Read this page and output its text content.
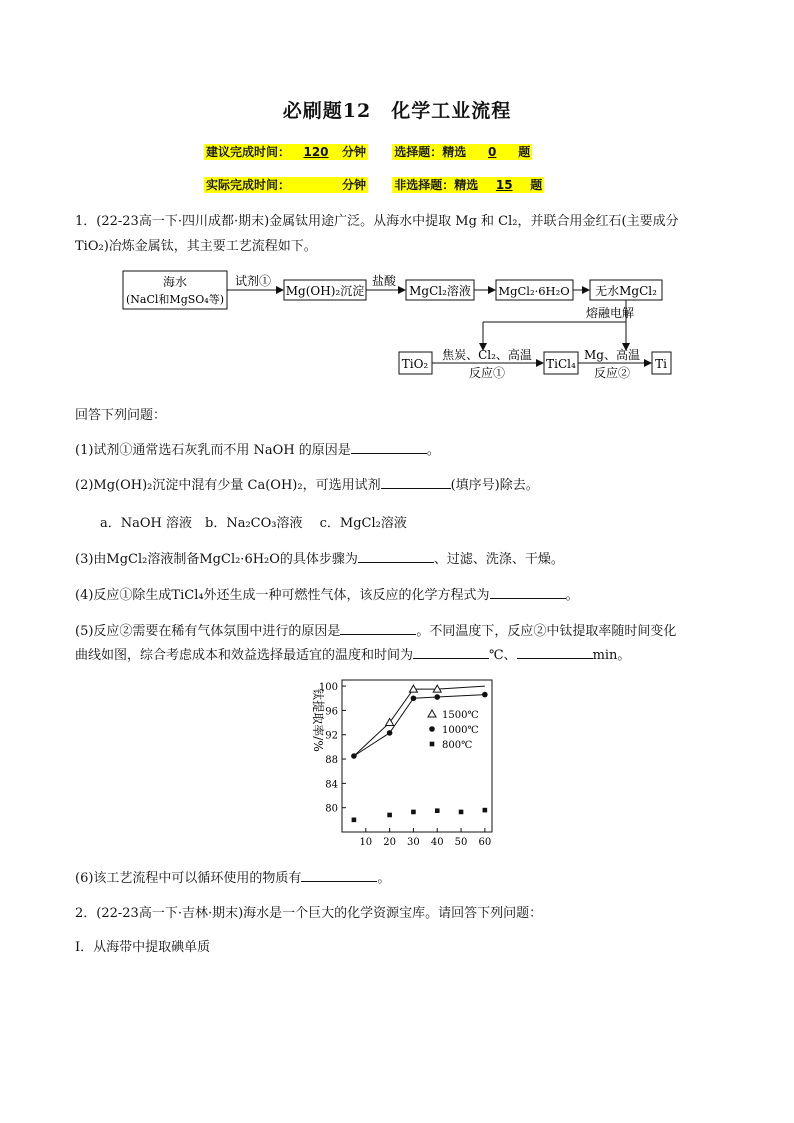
必刷题12　化学工业流程
建议完成时间： 120 分钟 选择题：精选 0 题
实际完成时间：	分钟 非选择题：精选 15 题
1．(22-23高一下·四川成都·期末)金属钛用途广泛。从海水中提取 Mg 和 Cl₂，并联合用金红石(主要成分
TiO₂)冶炼金属钛，其主要工艺流程如下。
海水
(NaCl和MgSO₄等)
试剂①
Mg(OH)₂沉淀
盐酸
MgCl₂溶液 MgCl₂·6H₂O 无水MgCl₂
熔融电解
TiO₂
焦炭、Cl₂、高温
反应①
TiCl₄
Mg、高温
反应②
Ti
回答下列问题：
(1)试剂①通常选石灰乳而不用 NaOH 的原因是	。
(2)Mg(OH)₂沉淀中混有少量 Ca(OH)₂，可选用试剂	(填序号)除去。
a．NaOH 溶液　b．Na₂CO₃溶液　 c．MgCl₂溶液
(3)由MgCl₂溶液制备MgCl₂·6H₂O的具体步骤为	、过滤、洗涤、干燥。
(4)反应①除生成TiCl₄外还生成一种可燃性气体，该反应的化学方程式为	。
(5)反应②需要在稀有气体氛围中进行的原因是	。不同温度下，反应②中钛提取率随时间变化
曲线如图，综合考虑成本和效益选择最适宜的温度和时间为	℃、	min。
80
84
88
92
96
100
10 20 30 40 50 60
钛提取率/%	1500℃
1000℃
800℃
(6)该工艺流程中可以循环使用的物质有	。
2．(22-23高一下·吉林·期末)海水是一个巨大的化学资源宝库。请回答下列问题：
Ⅰ．从海带中提取碘单质
